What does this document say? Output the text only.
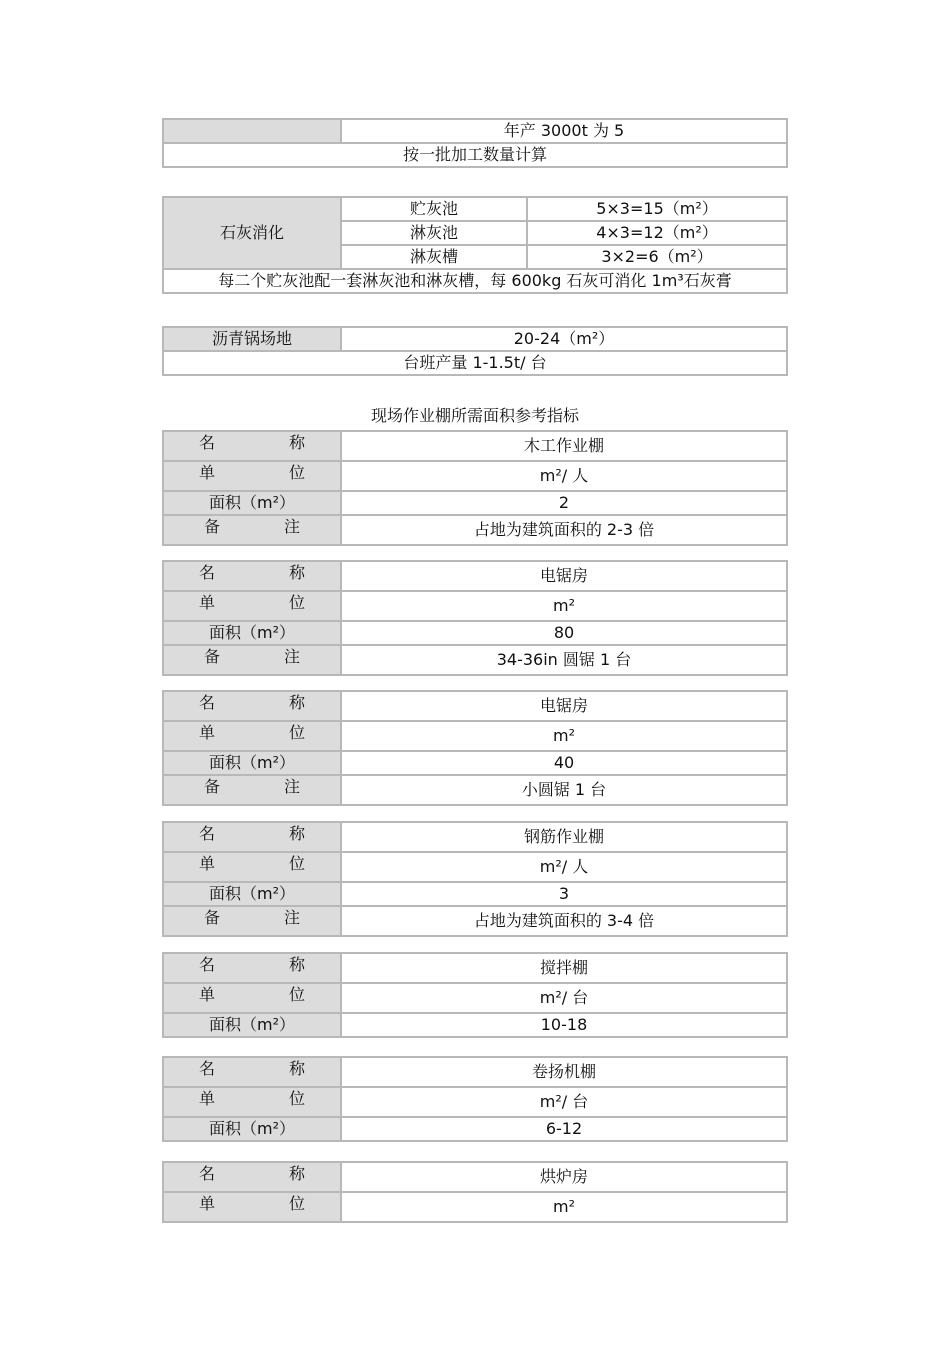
	年产 3000t 为 5
按一批加工数量计算
石灰消化	贮灰池	5×3=15（m²）
	淋灰池	4×3=12（m²）
	淋灰槽	3×2=6（m²）
每二个贮灰池配一套淋灰池和淋灰槽，每 600kg 石灰可消化 1m³石灰膏		
沥青锅场地	20-24（m²）
台班产量 1-1.5t/ 台
现场作业棚所需面积参考指标
名 称	木工作业棚

单 位	m²/ 人
面积（m²）	2

备 注	占地为建筑面积的 2-3 倍
名 称	电锯房

单 位	m²
面积（m²）	80

备 注	34-36in 圆锯 1 台
名 称	电锯房

单 位	m²
面积（m²）	40

备 注	小圆锯 1 台
名 称	钢筋作业棚

单 位	m²/ 人
面积（m²）	3

备 注	占地为建筑面积的 3-4 倍
名 称	搅拌棚

单 位	m²/ 台
面积（m²）	10-18
名 称	卷扬机棚

单 位	m²/ 台
面积（m²）	6-12
名 称	烘炉房

单 位	m²
